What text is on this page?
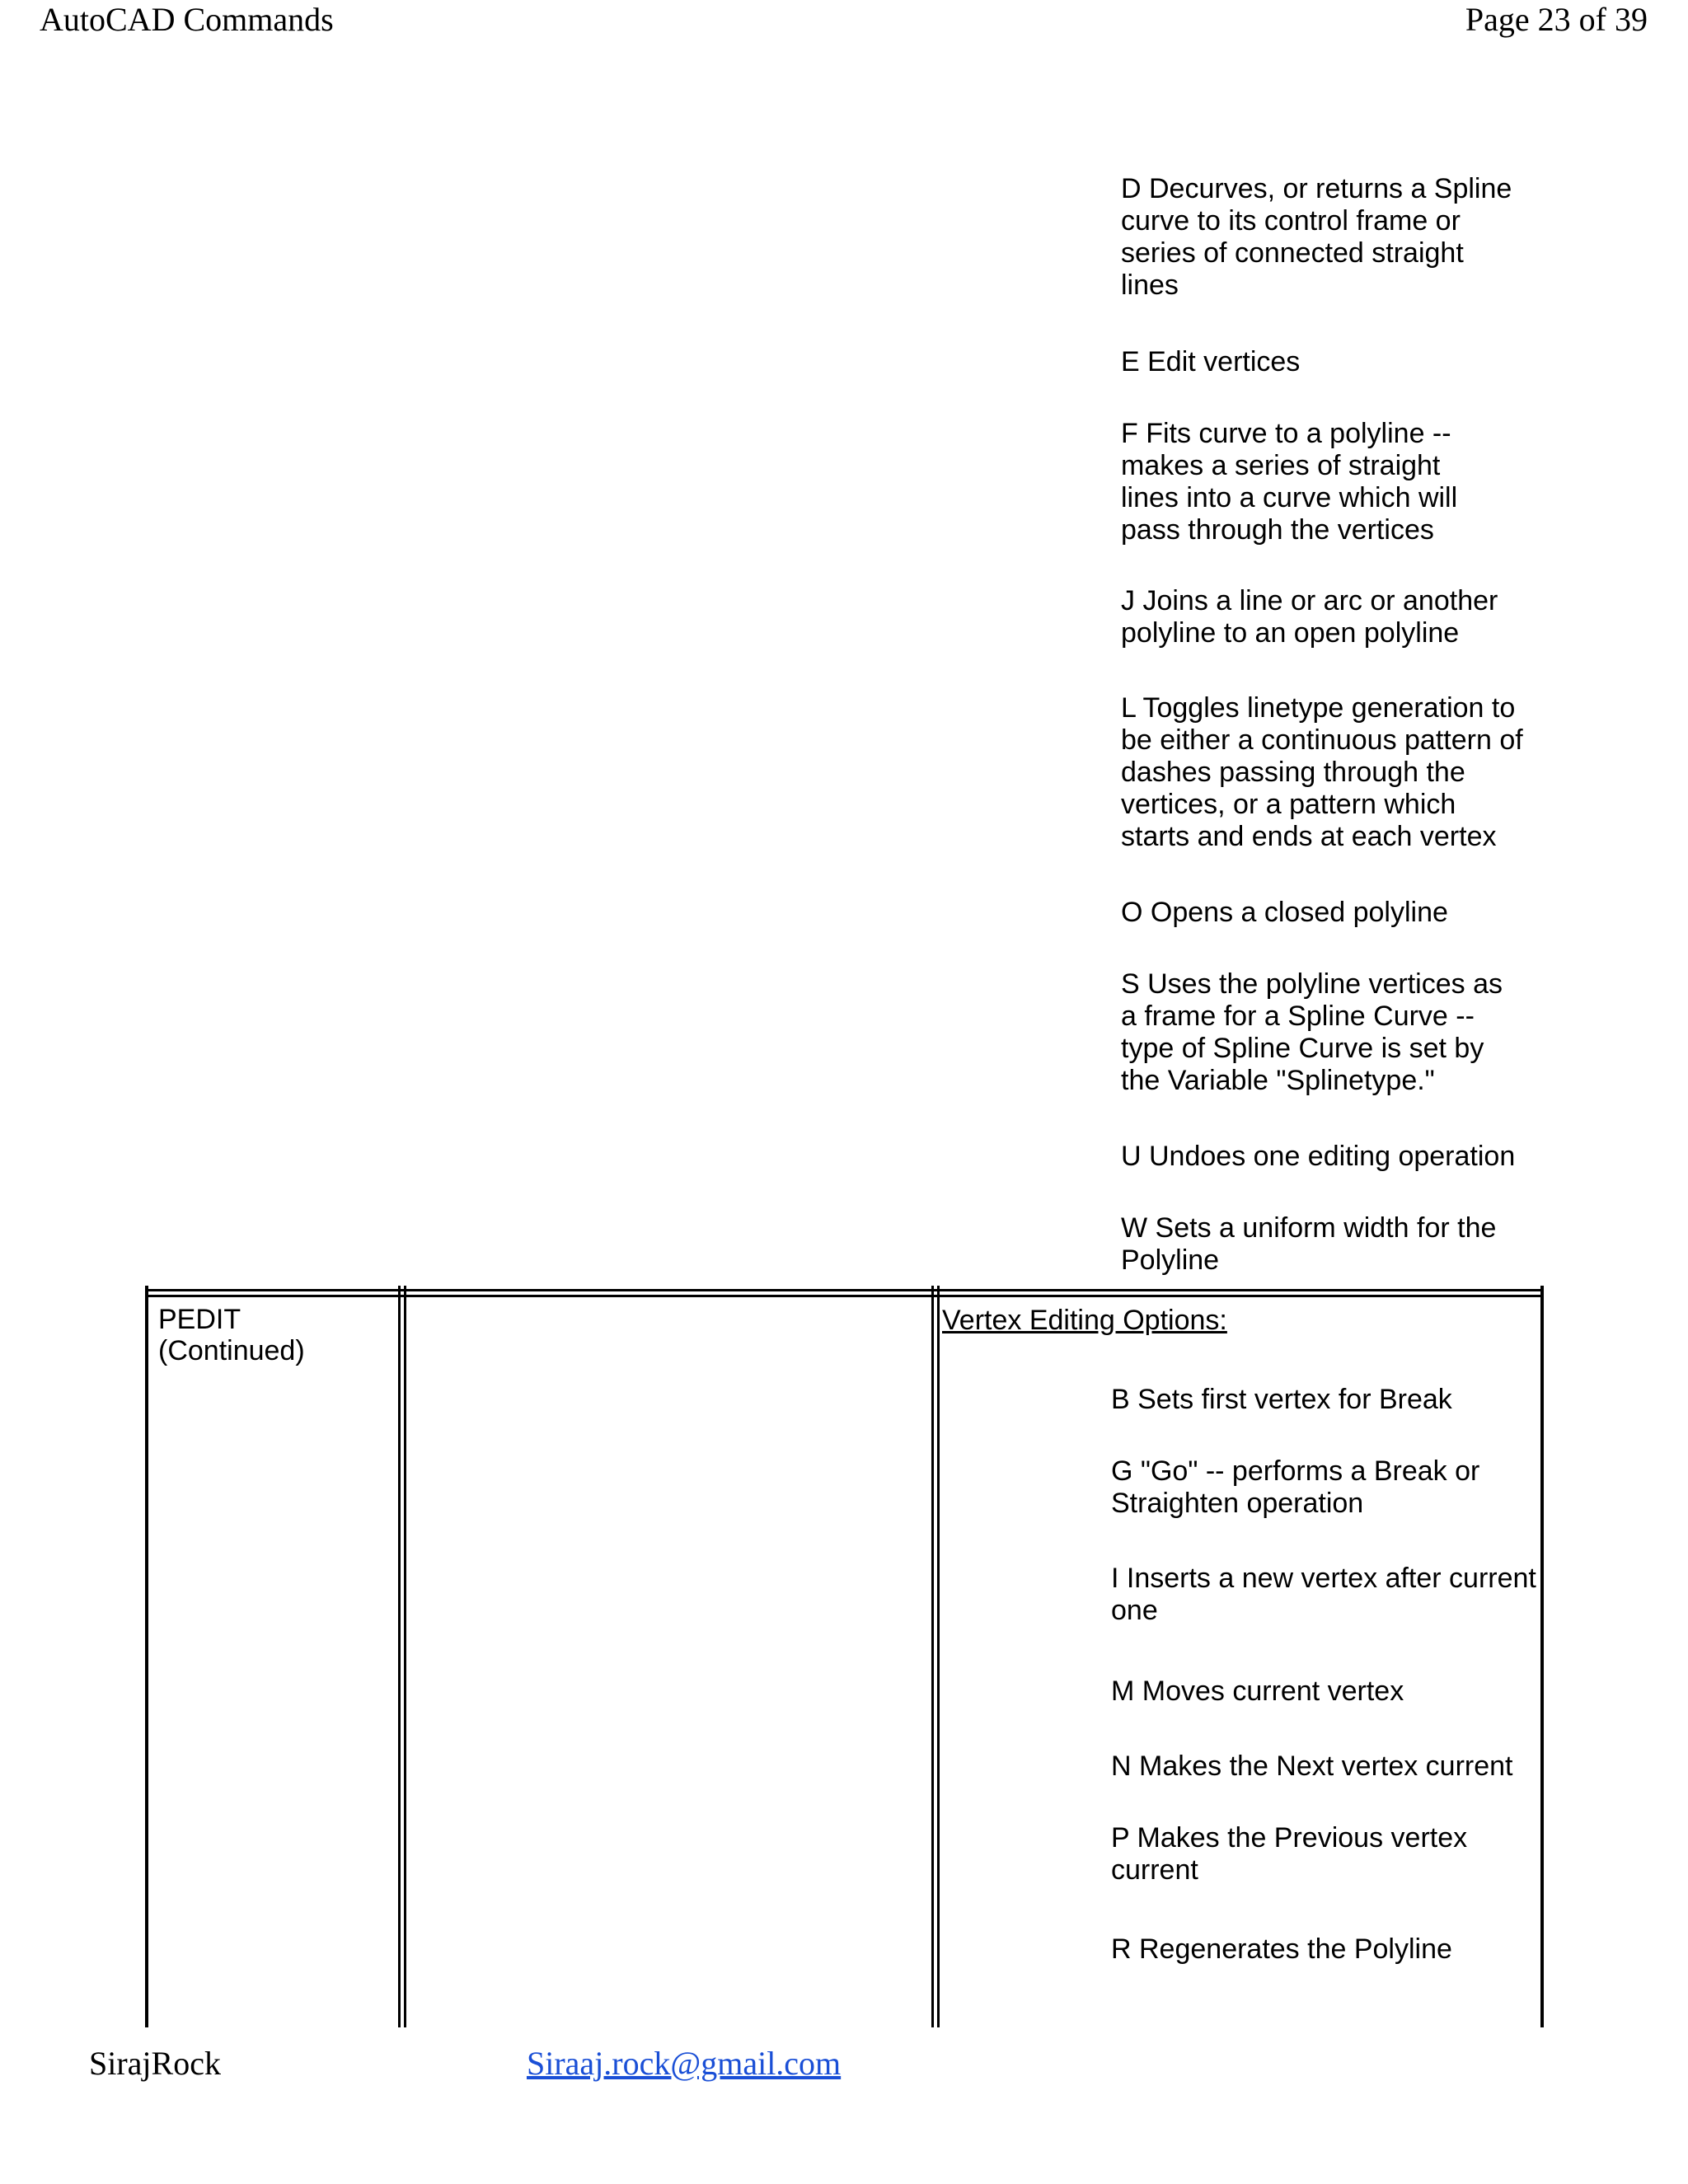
AutoCAD Commands	Page 23 of 39

D Decurves, or returns a Spline
curve to its control frame or
series of connected straight
lines

E Edit vertices

F Fits curve to a polyline --
makes a series of straight
lines into a curve which will
pass through the vertices

J Joins a line or arc or another
polyline to an open polyline

L Toggles linetype generation to
be either a continuous pattern of
dashes passing through the
vertices, or a pattern which
starts and ends at each vertex

O Opens a closed polyline

S Uses the polyline vertices as
a frame for a Spline Curve --
type of Spline Curve is set by
the Variable "Splinetype."

U Undoes one editing operation

W Sets a uniform width for the
Polyline

PEDIT
(Continued)
Vertex Editing Options:

B Sets first vertex for Break

G "Go" -- performs a Break or
Straighten operation

I Inserts a new vertex after current
one

M Moves current vertex

N Makes the Next vertex current

P Makes the Previous vertex
current

R Regenerates the Polyline

SirajRock	Siraaj.rock@gmail.com
